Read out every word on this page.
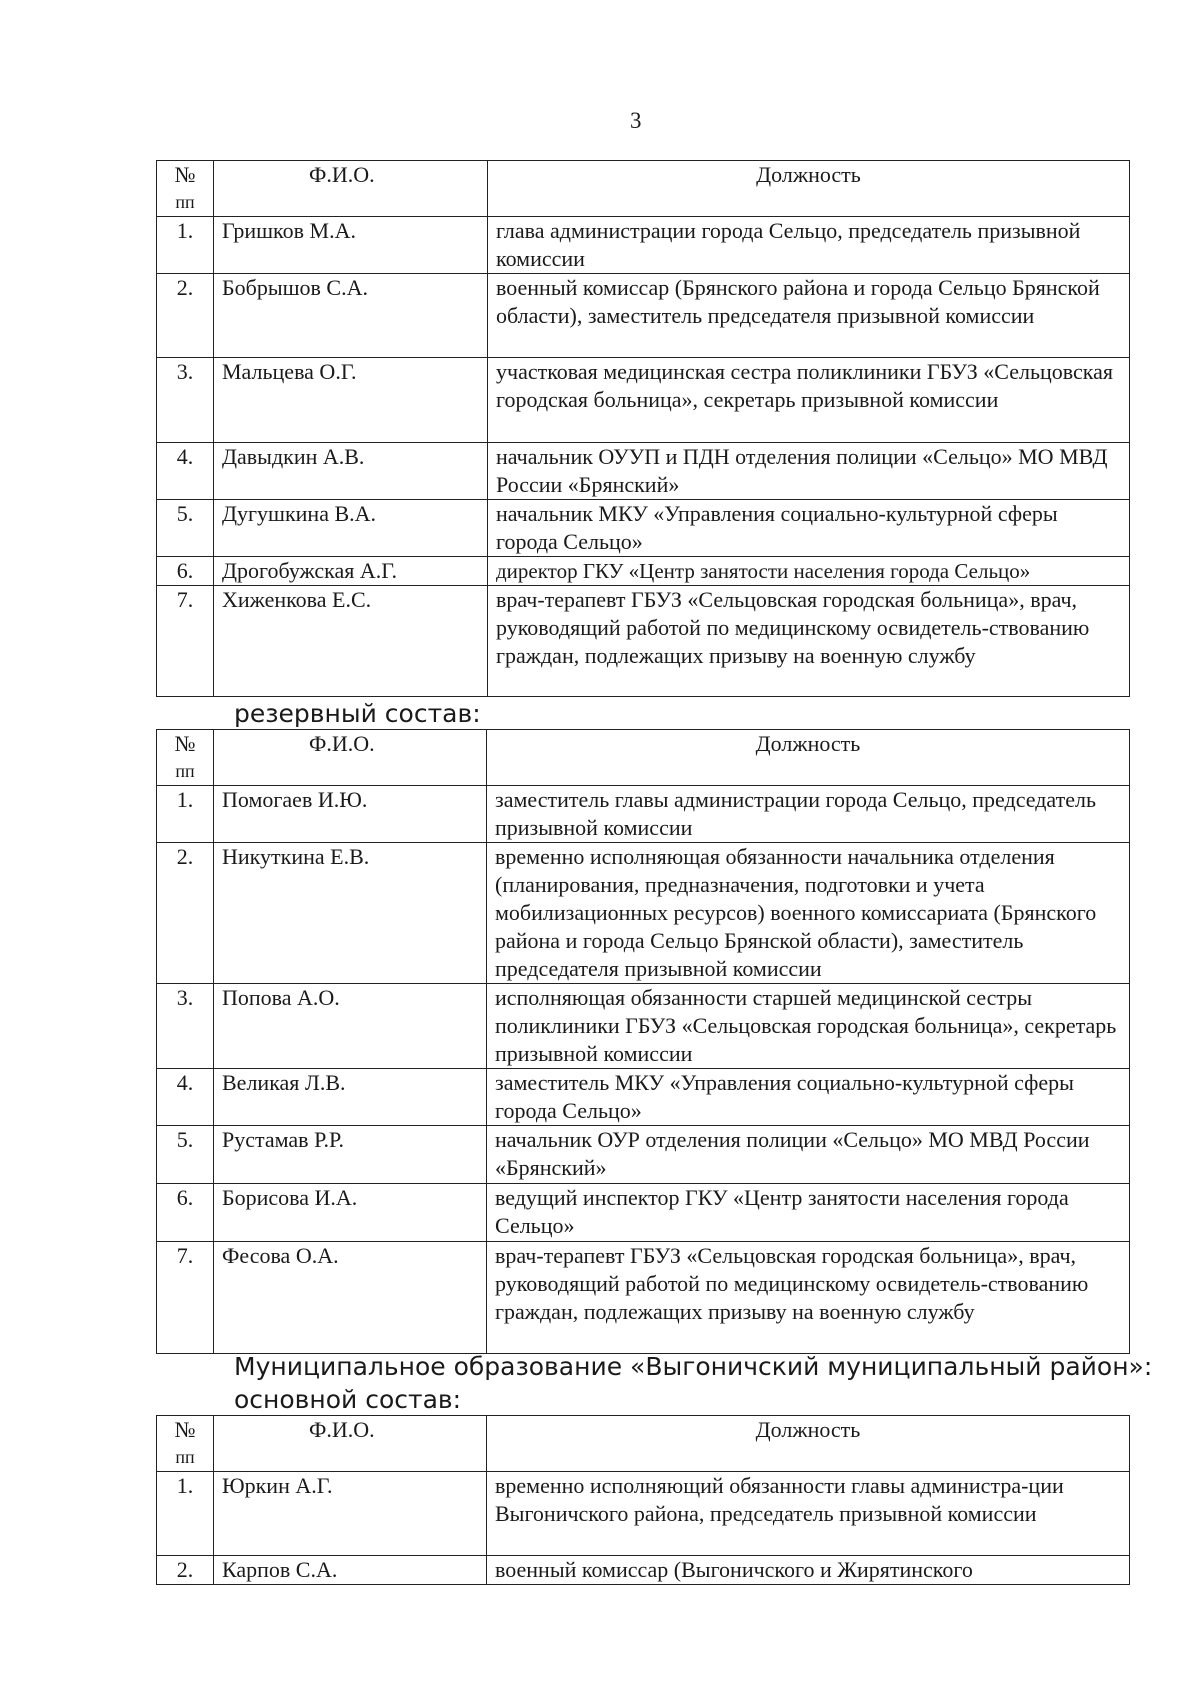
3
№
пп	Ф.И.О.	Должность
1.	Гришков М.А.	глава администрации города Сельцо, председатель призывной комиссии
2.	Бобрышов С.А.	военный комиссар (Брянского района и города Сельцо Брянской области), заместитель председателя призывной комиссии
3.	Мальцева О.Г.	участковая медицинская сестра поликлиники ГБУЗ «Сельцовская городская больница», секретарь призывной комиссии
4.	Давыдкин А.В.	начальник ОУУП и ПДН отделения полиции «Сельцо» МО МВД России «Брянский»
5.	Дугушкина В.А.	начальник МКУ «Управления социально-культурной сферы города Сельцо»
6.	Дрогобужская А.Г.	директор ГКУ «Центр занятости населения города Сельцо»
7.	Хиженкова Е.С.	врач-терапевт ГБУЗ «Сельцовская городская больница», врач, руководящий работой по медицинскому освидетель-ствованию граждан, подлежащих призыву на военную службу
резервный состав:
№
пп	Ф.И.О.	Должность
1.	Помогаев И.Ю.	заместитель главы администрации города Сельцо, председатель призывной комиссии
2.	Никуткина Е.В.	временно исполняющая обязанности начальника отделения (планирования, предназначения, подготовки и учета мобилизационных ресурсов) военного комиссариата (Брянского района и города Сельцо Брянской области), заместитель председателя призывной комиссии
3.	Попова А.О.	исполняющая обязанности старшей медицинской сестры поликлиники ГБУЗ «Сельцовская городская больница», секретарь призывной комиссии
4.	Великая Л.В.	заместитель МКУ «Управления социально-культурной сферы города Сельцо»
5.	Рустамав Р.Р.	начальник ОУР отделения полиции «Сельцо» МО МВД России «Брянский»
6.	Борисова И.А.	ведущий инспектор ГКУ «Центр занятости населения города Сельцо»
7.	Фесова О.А.	врач-терапевт ГБУЗ «Сельцовская городская больница», врач, руководящий работой по медицинскому освидетель-ствованию граждан, подлежащих призыву на военную службу
Муниципальное образование «Выгоничский муниципальный район»:
основной состав:
№
пп	Ф.И.О.	Должность
1.	Юркин А.Г.	временно исполняющий обязанности главы администра-ции Выгоничского района, председатель призывной комиссии
2.	Карпов С.А.	военный комиссар (Выгоничского и Жирятинского
